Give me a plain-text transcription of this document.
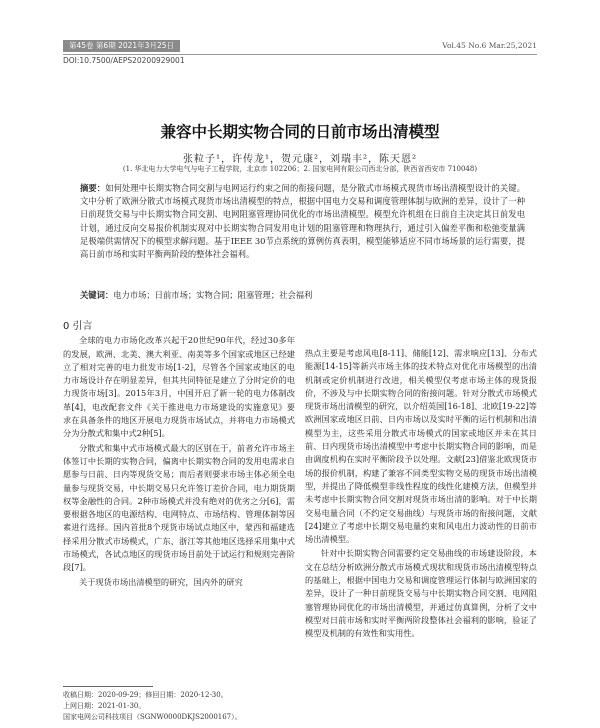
第45卷 第6期 2021年3月25日	Vol.45 No.6 Mar.25,2021
DOI:10.7500/AEPS20200929001
兼容中长期实物合同的日前市场出清模型
张粒子¹，许传龙¹，贺元康²，刘瑞丰²，陈天恩²
(1. 华北电力大学电气与电子工程学院，北京市 102206；2. 国家电网有限公司西北分部，陕西省西安市 710048)
摘要：如何处理中长期实物合同交割与电网运行约束之间的衔接问题，是分散式市场模式现货市场出清模型设计的关键。文中分析了欧洲分散式市场模式现货市场出清模型的特点，根据中国电力交易和调度管理体制与欧洲的差异，设计了一种日前现货交易与中长期实物合同交割、电网阻塞管理协同优化的市场出清模型。模型允许机组在日前自主决定其日前发电计划，通过反向交易报价机制实现对中长期实物合同发用电计划的阻塞管理和物理执行，通过引入偏差平衡和松弛变量满足极端供需情况下的模型求解问题。基于IEEE 30节点系统的算例仿真表明，模型能够适应不同市场场景的运行需要，提高日前市场和实时平衡两阶段的整体社会福利。
关键词：电力市场；日前市场；实物合同；阻塞管理；社会福利

0 引言

全球的电力市场化改革兴起于20世纪90年代，经过30多年的发展，欧洲、北美、澳大利亚、南美等多个国家或地区已经建立了相对完善的电力批发市场[1-2]，尽管各个国家或地区的电力市场设计存在明显差异，但其共同特征是建立了分时定价的电力现货市场[3]。2015年3月，中国开启了新一轮的电力体制改革[4]，电改配套文件《关于推进电力市场建设的实施意见》要求在具备条件的地区开展电力现货市场试点，并将电力市场模式分为分散式和集中式2种[5]。

分散式和集中式市场模式最大的区别在于，前者允许市场主体签订中长期的实物合同，偏离中长期实物合同的发用电需求自愿参与日前、日内等现货交易；而后者则要求市场主体必须全电量参与现货交易，中长期交易只允许签订差价合同，电力期货期权等金融性的合同。2种市场模式并没有绝对的优劣之分[6]，需要根据各地区的电源结构、电网特点、市场结构、管理体制等因素进行选择。国内首批8个现货市场试点地区中，蒙西和福建选择采用分散式市场模式，广东、浙江等其他地区选择采用集中式市场模式，各试点地区的现货市场目前处于试运行和规则完善阶段[7]。

关于现货市场出清模型的研究，国内外的研究

热点主要是考虑风电[8-11]、储能[12]、需求响应[13]、分布式能源[14-15]等新兴市场主体的技术特点对优化市场模型的出清机制或定价机制进行改进，相关模型仅考虑市场主体的现货报价，不涉及与中长期实物合同的衔接问题。针对分散式市场模式现货市场出清模型的研究，以介绍英国[16-18]、北欧[19-22]等欧洲国家或地区日前、日内市场以及实时平衡的运行机制和出清模型为主，这些采用分散式市场模式的国家或地区并未在其日前、日内现货市场出清模型中考虑中长期实物合同的影响，而是由调度机构在实时平衡阶段予以处理。文献[23]借鉴北欧现货市场的报价机制，构建了兼容不同类型实物交易的现货市场出清模型，并提出了降低模型非线性程度的线性化建模方法，但模型并未考虑中长期实物合同交割对现货市场出清的影响。对于中长期交易电量合同（不约定交易曲线）与现货市场的衔接问题，文献[24]建立了考虑中长期交易电量约束和风电出力波动性的日前市场出清模型。

针对中长期实物合同需要约定交易曲线的市场建设阶段，本文在总结分析欧洲分散式市场模式现状和现货市场出清模型特点的基础上，根据中国电力交易和调度管理运行体制与欧洲国家的差异，设计了一种日前现货交易与中长期实物合同交割、电网阻塞管理协同优化的市场出清模型，并通过仿真算例，分析了文中模型对日前市场和实时平衡两阶段整体社会福利的影响，验证了模型及机制的有效性和实用性。

收稿日期：2020-09-29；修回日期：2020-12-30。
上网日期：2021-01-30。
国家电网公司科技项目（SGNW0000DKJS2000167）。
